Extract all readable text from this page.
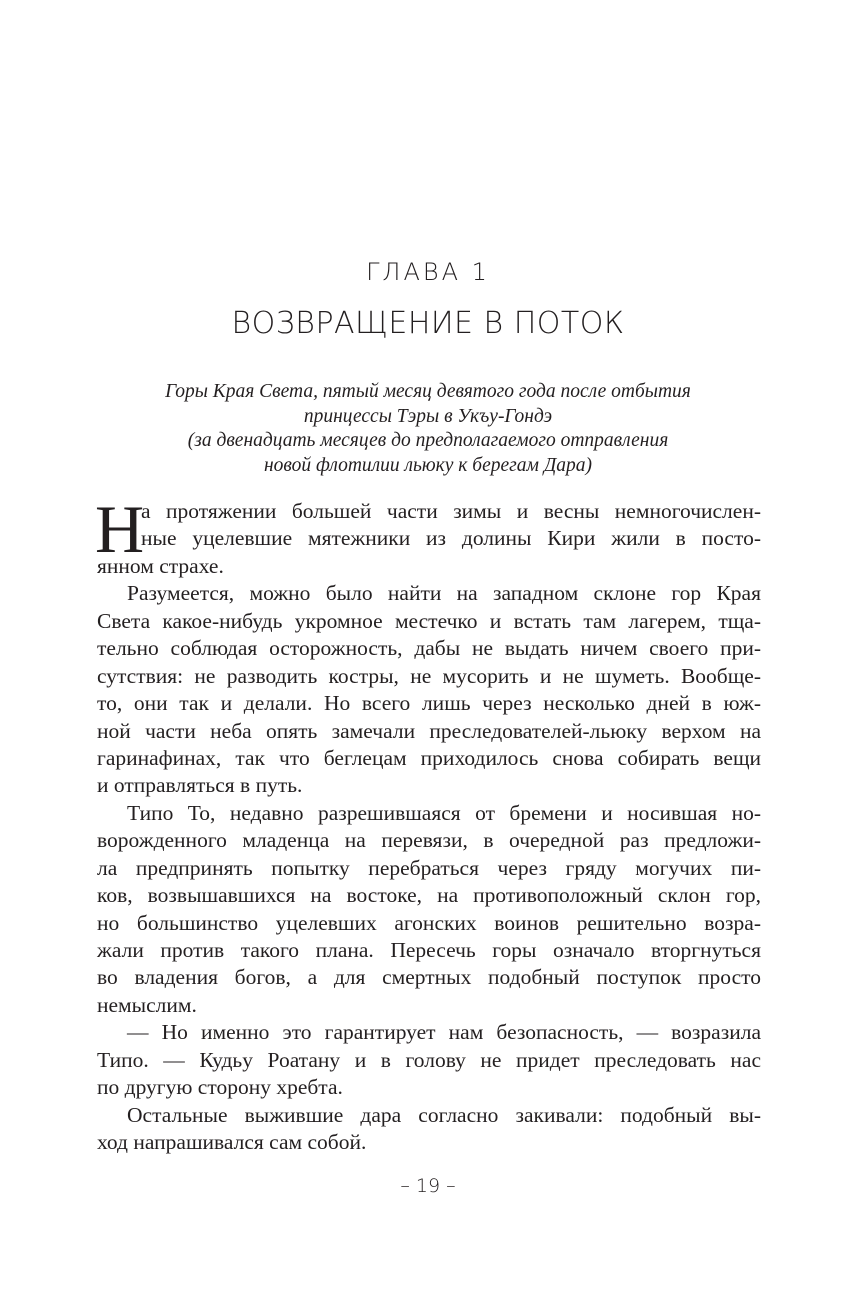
ГЛАВА 1
ВОЗВРАЩЕНИЕ В ПОТОК
Горы Края Света, пятый месяц девятого года после отбытия
принцессы Тэры в Укъу-Гондэ
(за двенадцать месяцев до предполагаемого отправления
новой флотилии льюку к берегам Дара)
Н
а протяжении большей части зимы и весны немногочислен-
ные уцелевшие мятежники из долины Кири жили в посто-
янном страхе.
Разумеется, можно было найти на западном склоне гор Края
Света какое-нибудь укромное местечко и встать там лагерем, тща-
тельно соблюдая осторожность, дабы не выдать ничем своего при-
сутствия: не разводить костры, не мусорить и не шуметь. Вообще-
то, они так и делали. Но всего лишь через несколько дней в юж-
ной части неба опять замечали преследователей-льюку верхом на
гаринафинах, так что беглецам приходилось снова собирать вещи
и отправляться в путь.
Типо То, недавно разрешившаяся от бремени и носившая но-
ворожденного младенца на перевязи, в очередной раз предложи-
ла предпринять попытку перебраться через гряду могучих пи-
ков, возвышавшихся на востоке, на противоположный склон гор,
но большинство уцелевших агонских воинов решительно возра-
жали против такого плана. Пересечь горы означало вторгнуться
во владения богов, а для смертных подобный поступок просто
немыслим.
— Но именно это гарантирует нам безопасность, — возразила
Типо. — Кудьу Роатану и в голову не придет преследовать нас
по другую сторону хребта.
Остальные выжившие дара согласно закивали: подобный вы-
ход напрашивался сам собой.
– 19 –
